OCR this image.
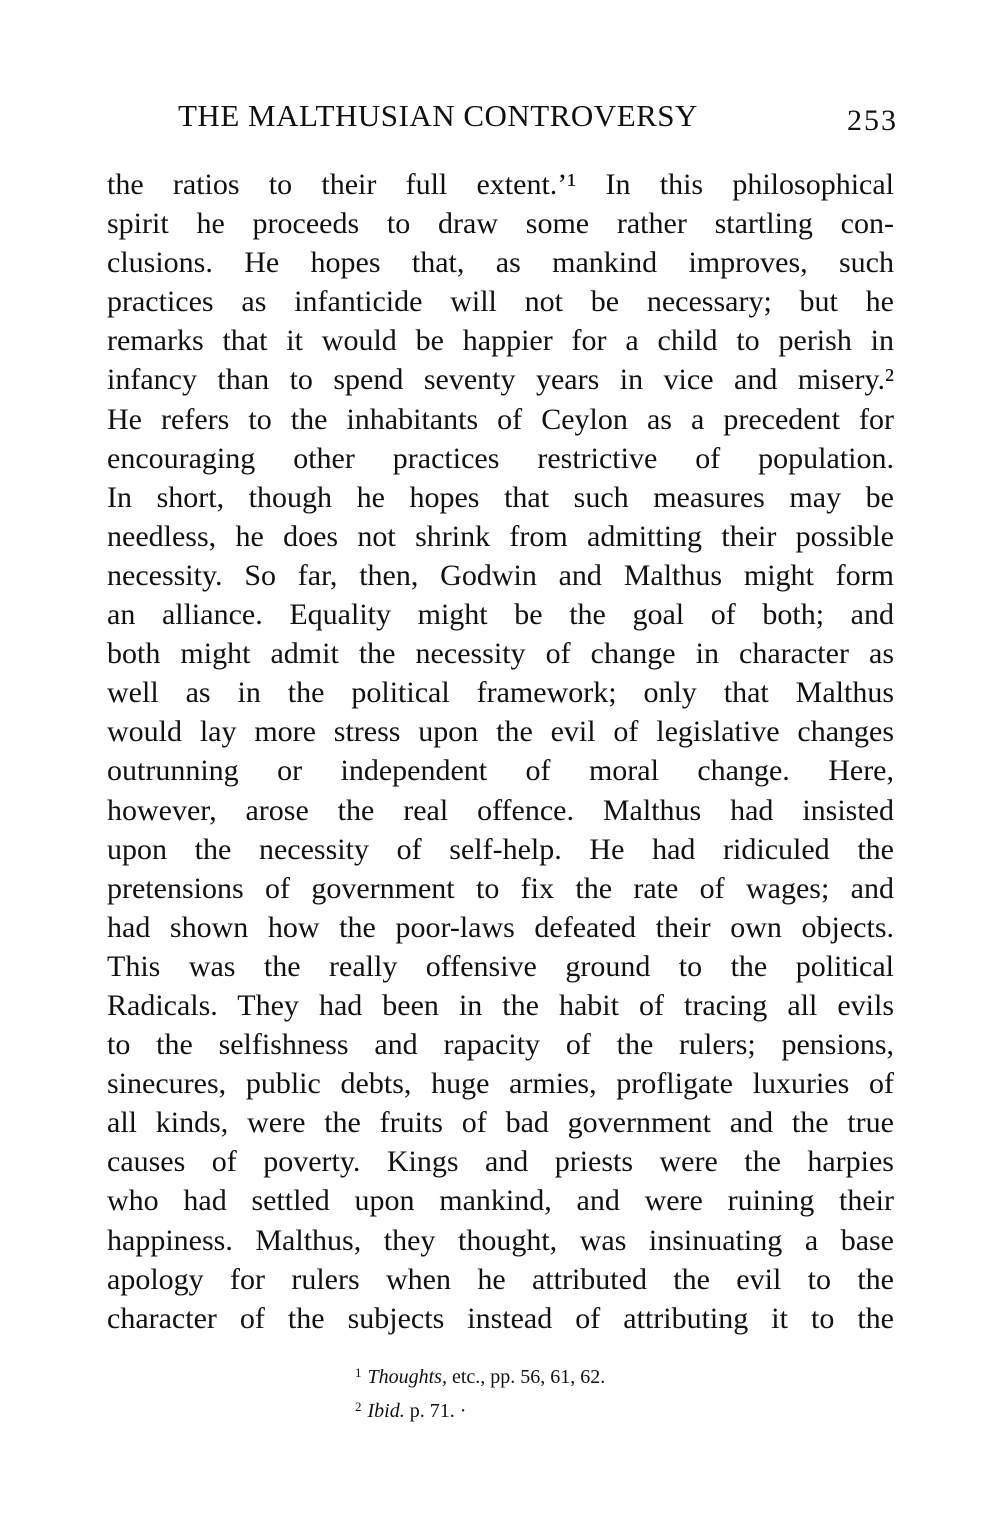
THE MALTHUSIAN CONTROVERSY	253
the ratios to their full extent.’¹ In this philosophical
spirit he proceeds to draw some rather startling con-
clusions. He hopes that, as mankind improves, such
practices as infanticide will not be necessary; but he
remarks that it would be happier for a child to perish in
infancy than to spend seventy years in vice and misery.²
He refers to the inhabitants of Ceylon as a precedent for
encouraging other practices restrictive of population.
In short, though he hopes that such measures may be
needless, he does not shrink from admitting their possible
necessity. So far, then, Godwin and Malthus might form
an alliance. Equality might be the goal of both; and
both might admit the necessity of change in character as
well as in the political framework; only that Malthus
would lay more stress upon the evil of legislative changes
outrunning or independent of moral change. Here,
however, arose the real offence. Malthus had insisted
upon the necessity of self-help. He had ridiculed the
pretensions of government to fix the rate of wages; and
had shown how the poor-laws defeated their own objects.
This was the really offensive ground to the political
Radicals. They had been in the habit of tracing all evils
to the selfishness and rapacity of the rulers; pensions,
sinecures, public debts, huge armies, profligate luxuries of
all kinds, were the fruits of bad government and the true
causes of poverty. Kings and priests were the harpies
who had settled upon mankind, and were ruining their
happiness. Malthus, they thought, was insinuating a base
apology for rulers when he attributed the evil to the
character of the subjects instead of attributing it to the
$^1$ Thoughts, etc., pp. 56, 61, 62.
$^2$ Ibid. p. 71. ·
